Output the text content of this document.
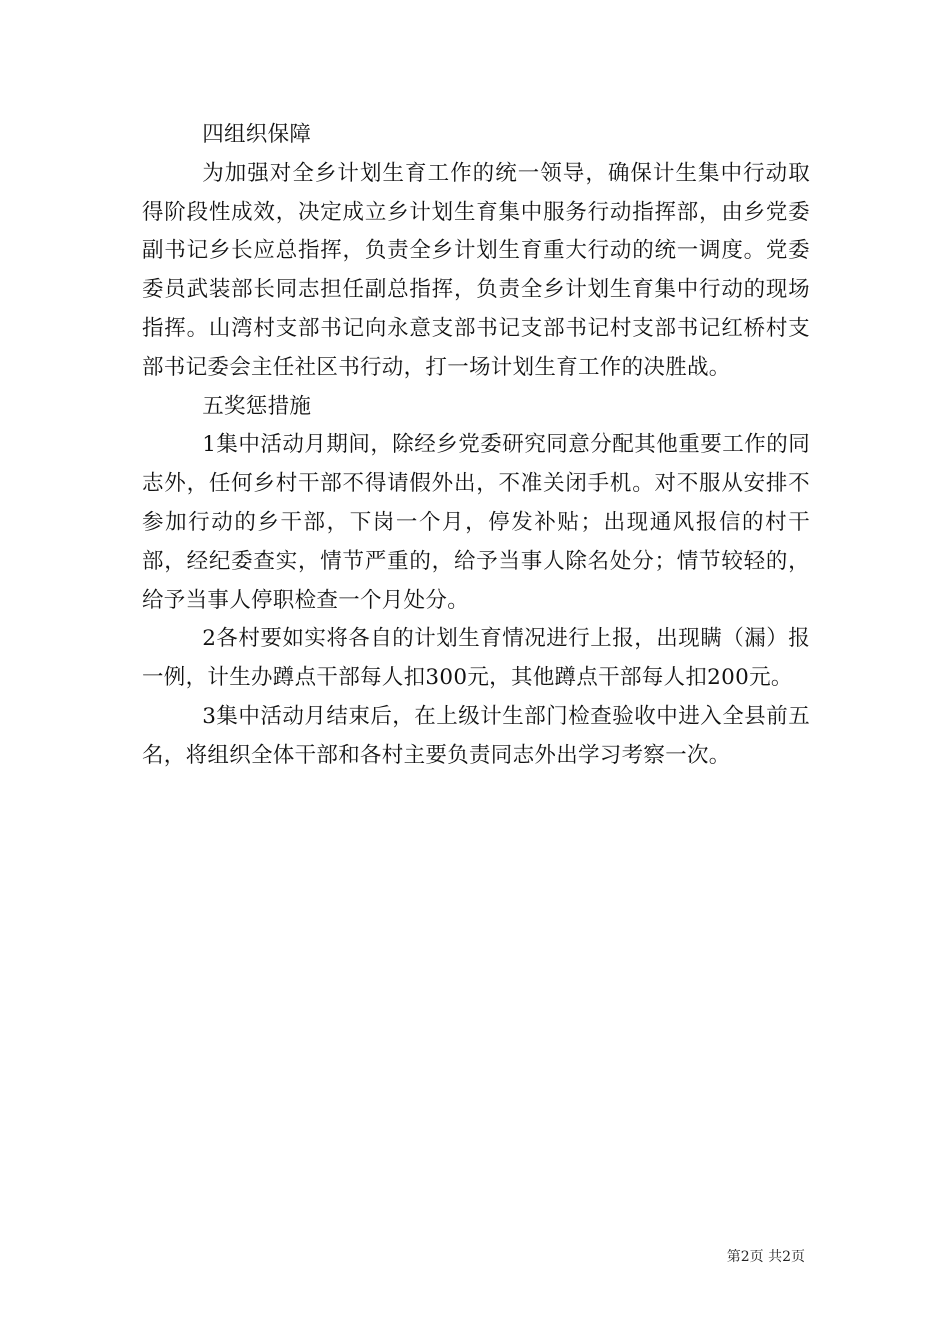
四组织保障

为加强对全乡计划生育工作的统一领导，确保计生集中行动取得阶段性成效，决定成立乡计划生育集中服务行动指挥部，由乡党委副书记乡长应总指挥，负责全乡计划生育重大行动的统一调度。党委委员武装部长同志担任副总指挥，负责全乡计划生育集中行动的现场指挥。山湾村支部书记向永意支部书记支部书记村支部书记红桥村支部书记委会主任社区书行动，打一场计划生育工作的决胜战。

五奖惩措施

1集中活动月期间，除经乡党委研究同意分配其他重要工作的同志外，任何乡村干部不得请假外出，不准关闭手机。对不服从安排不参加行动的乡干部，下岗一个月，停发补贴；出现通风报信的村干部，经纪委查实，情节严重的，给予当事人除名处分；情节较轻的，给予当事人停职检查一个月处分。

2各村要如实将各自的计划生育情况进行上报，出现瞒（漏）报一例，计生办蹲点干部每人扣300元，其他蹲点干部每人扣200元。

3集中活动月结束后，在上级计生部门检查验收中进入全县前五名，将组织全体干部和各村主要负责同志外出学习考察一次。

第2页 共2页
